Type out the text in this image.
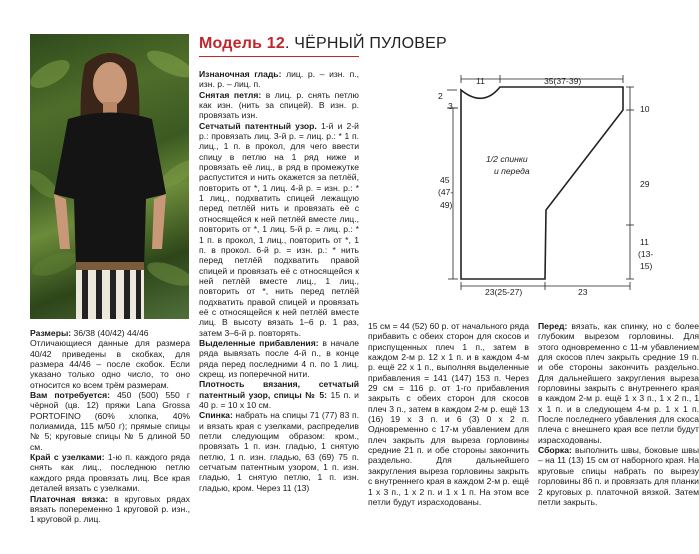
Модель 12. ЧЁРНЫЙ ПУЛОВЕР

Размеры: 36/38 (40/42) 44/46

Отличающиеся данные для размера 40/42 приведены в скобках, для размера 44/46 – после скобок. Если указано только одно число, то оно относится ко всем трём размерам.

Вам потребуется: 450 (500) 550 г чёрной (цв. 12) пряжи Lana Grossa PORTOFINO (60% хлопка, 40% полиамида, 115 м/50 г); прямые спицы № 5; круговые спицы № 5 длиной 50 см.

Край с узелками: 1-ю п. каждого ряда снять как лиц., последнюю петлю каждого ряда провязать лиц. Все края деталей вязать с узелками.

Платочная вязка: в круговых рядах вязать попеременно 1 круговой р. изн., 1 круговой р. лиц.

Изнаночная гладь: лиц. р. – изн. п., изн. р. – лиц. п.

Снятая петля: в лиц. р. снять петлю как изн. (нить за спицей). В изн. р. провязать изн.

Сетчатый патентный узор. 1-й и 2-й р.: провязать лиц. 3-й р. = лиц. р.: * 1 п. лиц., 1 п. в прокол, для чего ввести спицу в петлю на 1 ряд ниже и провязать её лиц., в ряд в промежутке распустится и нить окажется за петлёй, повторить от *, 1 лиц. 4-й р. = изн. р.: * 1 лиц., подхватить спицей лежащую перед петлёй нить и провязать её с относящейся к ней петлёй вместе лиц., повторить от *, 1 лиц. 5-й р. = лиц. р.: * 1 п. в прокол, 1 лиц., повторить от *, 1 п. в прокол. 6-й р. = изн. р.: * нить перед петлёй подхватить правой спицей и провязать её с относящейся к ней петлёй вместе лиц., 1 лиц., повторить от *, нить перед петлёй подхватить правой спицей и провязать её с относящейся к ней петлёй вместе лиц. В высоту вязать 1–6 р. 1 раз, затем 3–6-й р. повторять.

Выделенные прибавления: в начале ряда вывязать после 4-й п., в конце ряда перед последними 4 п. по 1 лиц. скрещ. из поперечной нити.

Плотность вязания, сетчатый патентный узор, спицы № 5: 15 п. и 40 р. = 10 х 10 см.

Спинка: набрать на спицы 71 (77) 83 п. и вязать края с узелками, распределив петли следующим образом: кром., провязать 1 п. изн. гладью, 1 снятую петлю, 1 п. изн. гладью, 63 (69) 75 п. сетчатым патентным узором, 1 п. изн. гладью, 1 снятую петлю, 1 п. изн. гладью, кром. Через 11 (13)

11	35(37-39)
2
3	10
1/2 спинки
и переда
45
(47-
49)
29
11
(13-
15)
23(25-27)	23

15 см = 44 (52) 60 р. от начального ряда прибавить с обеих сторон для скосов и приспущенных плеч 1 п., затем в каждом 2-м р. 12 х 1 п. и в каждом 4-м р. ещё 22 х 1 п., выполняя выделенные прибавления = 141 (147) 153 п. Через 29 см = 116 р. от 1-го прибавления закрыть с обеих сторон для скосов плеч 3 п., затем в каждом 2-м р. ещё 13 (16) 19 х 3 п. и 6 (3) 0 х 2 п. Одновременно с 17-м убавлением для плеч закрыть для выреза горловины средние 21 п. и обе стороны закончить раздельно. Для дальнейшего закругления выреза горловины закрыть с внутреннего края в каждом 2-м р. ещё 1 х 3 п., 1 х 2 п. и 1 х 1 п. На этом все петли будут израсходованы.

Перед: вязать, как спинку, но с более глубоким вырезом горловины. Для этого одновременно с 11-м убавлением для скосов плеч закрыть средние 19 п. и обе стороны закончить раздельно. Для дальнейшего закругления выреза горловины закрыть с внутреннего края в каждом 2-м р. ещё 1 х 3 п., 1 х 2 п., 1 х 1 п. и в следующем 4-м р. 1 х 1 п. После последнего убавления для скоса плеча с внешнего края все петли будут израсходованы.

Сборка: выполнить швы, боковые швы – на 11 (13) 15 см от наборного края. На круговые спицы набрать по вырезу горловины 86 п. и провязать для планки 2 круговых р. платочной вязкой. Затем петли закрыть.
